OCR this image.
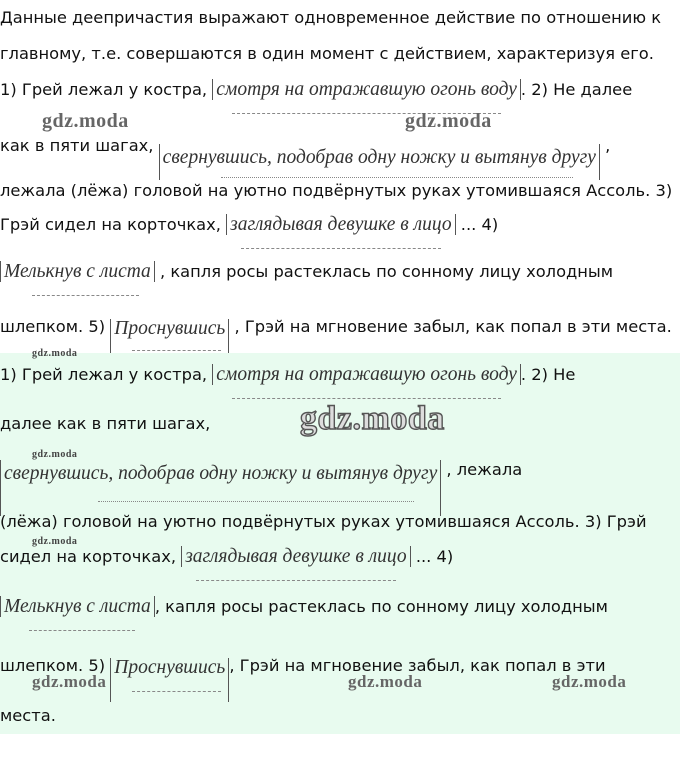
Данные деепричастия выражают одновременное действие по отношению к
главному, т.е. совершаются в один момент с действием, характеризуя его.
1) Грей лежал у костра, смотря на отражавшую огонь воду . 2) Не далее
как в пяти шагах, свернувшись, подобрав одну ножку и вытянув другу
,
лежала (лёжа) головой на уютно подвёрнутых руках утомившаяся Ассоль. 3)
Грэй сидел на корточках, заглядывая девушке в лицо
... 4)
Мелькнув с листа
, капля росы растеклась по сонному лицу холодным
шлепком. 5) Проснувшись
, Грэй на мгновение забыл, как попал в эти места.
1) Грей лежал у костра, смотря на отражавшую огонь воду . 2) Не
далее как в пяти шагах,
свернувшись, подобрав одну ножку и вытянув другу
, лежала
(лёжа) головой на уютно подвёрнутых руках утомившаяся Ассоль. 3) Грэй
сидел на корточках, заглядывая девушке в лицо
... 4)
Мелькнув с листа , капля росы растеклась по сонному лицу холодным
шлепком. 5) Проснувшись , Грэй на мгновение забыл, как попал в эти
места.
gdz.moda	gdz.moda
gdz.moda
gdz.moda
gdz.moda
gdz.moda
gdz.moda	gdz.moda	gdz.moda
